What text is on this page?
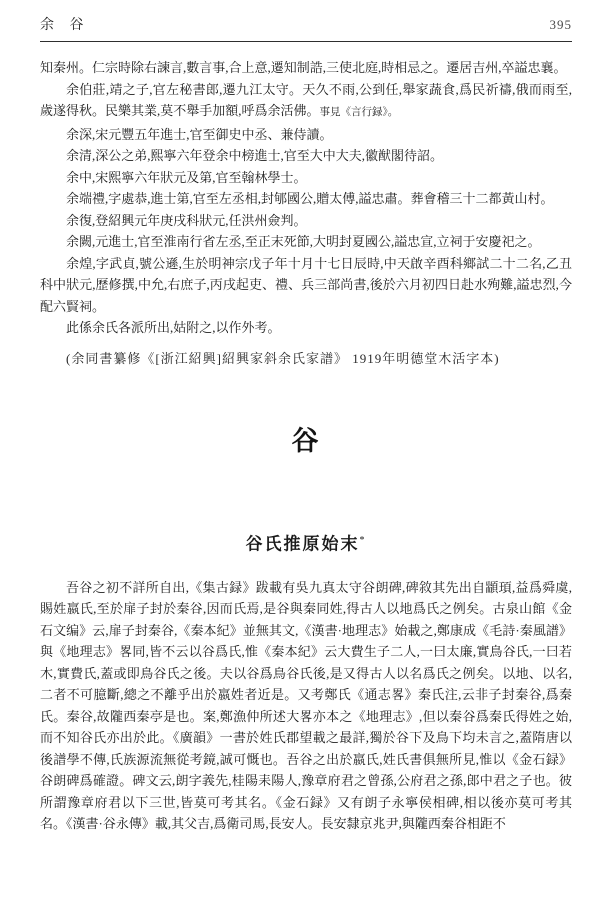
余 谷	395

知秦州。仁宗時除右諫言,數言事,合上意,遷知制誥,三使北庭,時相忌之。遷居吉州,卒謚忠襄。

余伯莊,靖之子,官左秘書郎,遷九江太守。天久不雨,公到任,舉家蔬食,爲民祈禱,俄而雨至,歲遂得秋。民樂其業,莫不舉手加額,呼爲余活佛。事見《言行録》。

余深,宋元豐五年進士,官至御史中丞、兼侍讀。

余清,深公之弟,熙寧六年登余中榜進士,官至大中大夫,徽猷閣待詔。

余中,宋熙寧六年狀元及第,官至翰林學士。

余端禮,字處恭,進士第,官至左丞相,封郇國公,贈太傅,謚忠肅。葬會稽三十二都黃山村。

余復,登紹興元年庚戌科狀元,任洪州僉判。

余闕,元進士,官至淮南行省左丞,至正末死節,大明封夏國公,謚忠宣,立祠于安慶祀之。

余煌,字武貞,號公遜,生於明神宗戊子年十月十七日辰時,中天啟辛酉科鄉試二十二名,乙丑科中狀元,歷修撰,中允,右庶子,丙戌起吏、禮、兵三部尚書,後於六月初四日赴水殉難,謚忠烈,今配六賢祠。

此係余氏各派所出,姑附之,以作外考。

(余同書纂修《[浙江紹興]紹興家斜余氏家譜》 1919年明德堂木活字本)

谷
谷氏推原始末*

吾谷之初不詳所自出,《集古録》跋載有吳九真太守谷朗碑,碑敘其先出自顓頊,益爲舜虞,賜姓嬴氏,至於扉子封於秦谷,因而氏焉,是谷與秦同姓,得古人以地爲氏之例矣。古泉山館《金石文编》云,扉子封秦谷,《秦本紀》並無其文,《漢書·地理志》始載之,鄭康成《毛詩·秦風譜》與《地理志》畧同,皆不云以谷爲氏,惟《秦本紀》云大費生子二人,一曰太廉,實鳥谷氏,一曰若木,實費氏,蓋或即鳥谷氏之後。夫以谷爲鳥谷氏後,是又得古人以名爲氏之例矣。以地、以名,二者不可臆斷,總之不離乎出於嬴姓者近是。又考鄭氏《通志畧》秦氏注,云非子封秦谷,爲秦氏。秦谷,故隴西秦亭是也。案,鄭漁仲所述大畧亦本之《地理志》,但以秦谷爲秦氏得姓之始,而不知谷氏亦出於此。《廣韻》一書於姓氏郡望載之最詳,獨於谷下及鳥下均未言之,蓋隋唐以後譜學不傳,氏族源流無從考鏡,誠可慨也。吾谷之出於嬴氏,姓氏書俱無所見,惟以《金石録》谷朗碑爲確證。碑文云,朗字義先,桂陽耒陽人,豫章府君之曾孫,公府君之孫,郎中君之子也。彼所謂豫章府君以下三世,皆莫可考其名。《金石録》又有朗子永寧侯相碑,相以後亦莫可考其名。《漢書·谷永傳》載,其父吉,爲衛司馬,長安人。長安隸京兆尹,與隴西秦谷相距不
